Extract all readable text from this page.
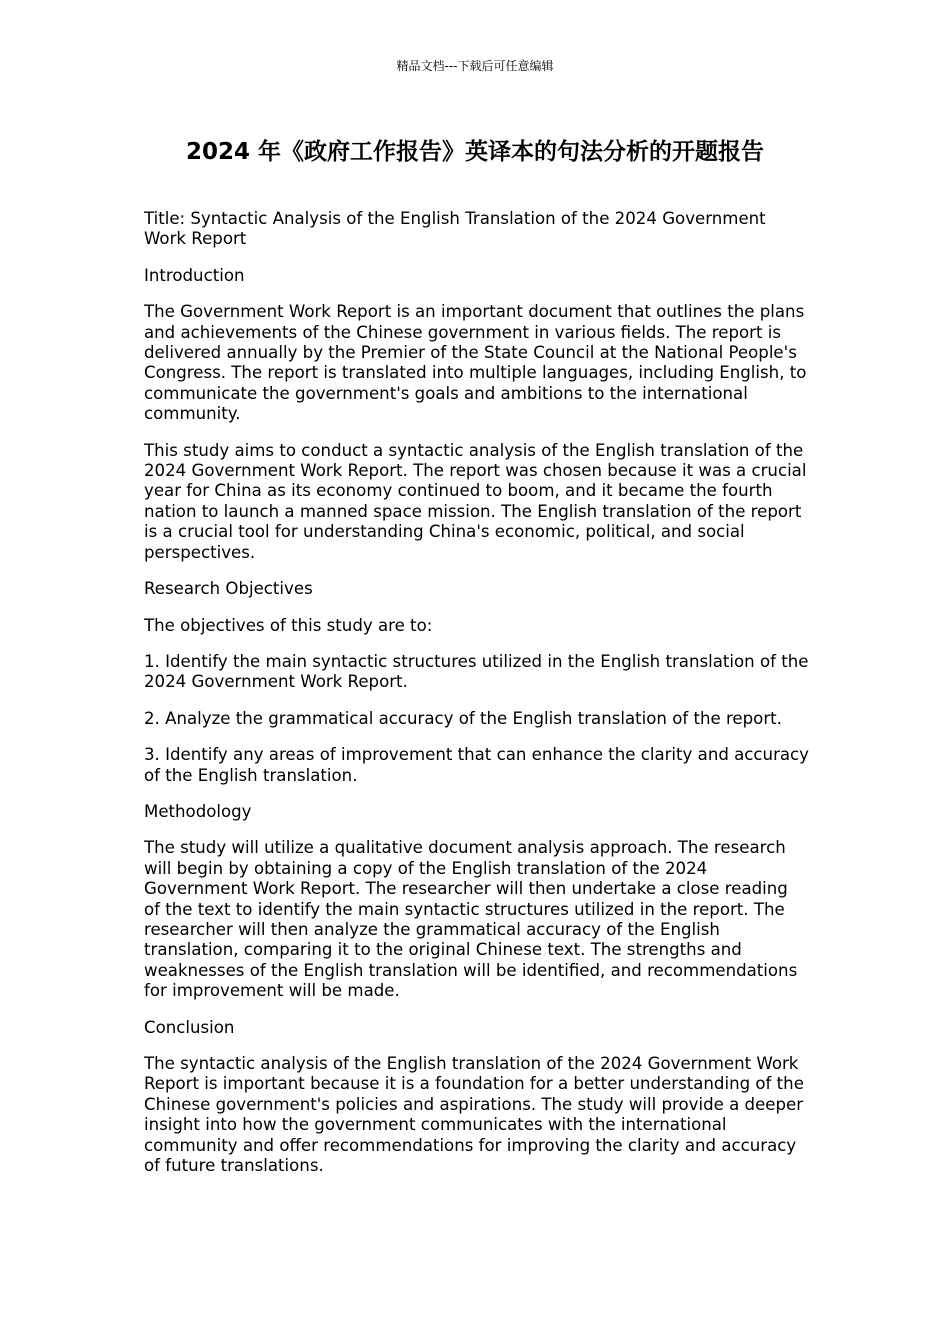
精品文档---下载后可任意编辑
2024 年《政府工作报告》英译本的句法分析的开题报告

Title: Syntactic Analysis of the English Translation of the 2024 Government Work Report

Introduction

The Government Work Report is an important document that outlines the plans and achievements of the Chinese government in various fields. The report is delivered annually by the Premier of the State Council at the National People's Congress. The report is translated into multiple languages, including English, to communicate the government's goals and ambitions to the international community.

This study aims to conduct a syntactic analysis of the English translation of the 2024 Government Work Report. The report was chosen because it was a crucial year for China as its economy continued to boom, and it became the fourth nation to launch a manned space mission. The English translation of the report is a crucial tool for understanding China's economic, political, and social perspectives.

Research Objectives

The objectives of this study are to:

1. Identify the main syntactic structures utilized in the English translation of the 2024 Government Work Report.

2. Analyze the grammatical accuracy of the English translation of the report.

3. Identify any areas of improvement that can enhance the clarity and accuracy of the English translation.

Methodology

The study will utilize a qualitative document analysis approach. The research will begin by obtaining a copy of the English translation of the 2024 Government Work Report. The researcher will then undertake a close reading of the text to identify the main syntactic structures utilized in the report. The researcher will then analyze the grammatical accuracy of the English translation, comparing it to the original Chinese text. The strengths and weaknesses of the English translation will be identified, and recommendations for improvement will be made.

Conclusion

The syntactic analysis of the English translation of the 2024 Government Work Report is important because it is a foundation for a better understanding of the Chinese government's policies and aspirations. The study will provide a deeper insight into how the government communicates with the international community and offer recommendations for improving the clarity and accuracy of future translations.
